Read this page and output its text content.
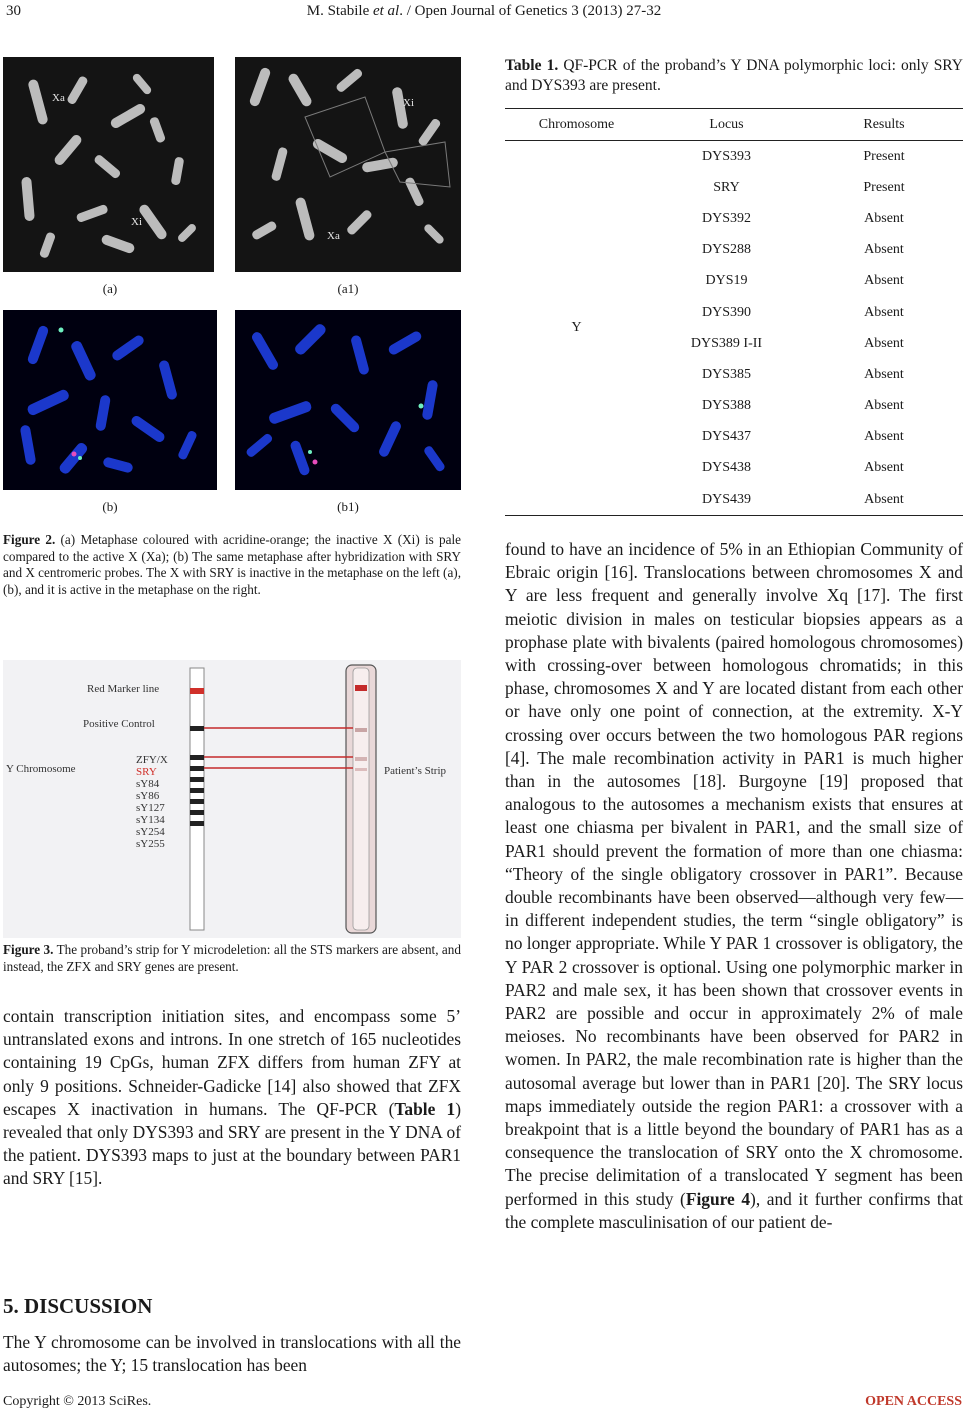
30	M. Stabile et al. / Open Journal of Genetics 3 (2013) 27-32
Xa
Xi
Xi
Xa
(a)	(a1)
(b)	(b1)
Figure 2. (a) Metaphase coloured with acridine-orange; the inactive X (Xi) is pale compared to the active X (Xa); (b) The same metaphase after hybridization with SRY and X centromeric probes. The X with SRY is inactive in the metaphase on the left (a), (b), and it is active in the metaphase on the right.
Red Marker line
Positive Control
Y Chromosome	Patient’s Strip
ZFY/X
SRY
sY84
sY86
sY127
sY134
sY254
sY255
Figure 3. The proband’s strip for Y microdeletion: all the STS markers are absent, and instead, the ZFX and SRY genes are present.
contain transcription initiation sites, and encompass some 5’ untranslated exons and introns. In one stretch of 165 nucleotides containing 19 CpGs, human ZFX differs from human ZFY at only 9 positions. Schneider-Gadicke [14] also showed that ZFX escapes X inactivation in humans. The QF-PCR (Table 1) revealed that only DYS393 and SRY are present in the Y DNA of the patient. DYS393 maps to just at the boundary between PAR1 and SRY [15].
5. DISCUSSION
The Y chromosome can be involved in translocations with all the autosomes; the Y; 15 translocation has been
Table 1. QF-PCR of the proband’s Y DNA polymorphic loci: only SRY and DYS393 are present.
Chromosome	Locus	Results
Y	DYS393	Present
	SRY	Present
	DYS392	Absent
	DYS288	Absent
	DYS19	Absent
	DYS390	Absent
	DYS389 I-II	Absent
	DYS385	Absent
	DYS388	Absent
	DYS437	Absent
	DYS438	Absent
	DYS439	Absent
found to have an incidence of 5% in an Ethiopian Community of Ebraic origin [16]. Translocations between chromosomes X and Y are less frequent and generally involve Xq [17]. The first meiotic division in males on testicular biopsies appears as a prophase plate with bivalents (paired homologous chromosomes) with crossing-over between homologous chromatids; in this phase, chromosomes X and Y are located distant from each other or have only one point of connection, at the extremity. X-Y crossing over occurs between the two homologous PAR regions [4]. The male recombination activity in PAR1 is much higher than in the autosomes [18]. Burgoyne [19] proposed that analogous to the autosomes a mechanism exists that ensures at least one chiasma per bivalent in PAR1, and the small size of PAR1 should prevent the formation of more than one chiasma: “Theory of the single obligatory crossover in PAR1”. Because double recombinants have been observed—although very few—in different independent studies, the term “single obligatory” is no longer appropriate. While Y PAR 1 crossover is obligatory, the Y PAR 2 crossover is optional. Using one polymorphic marker in PAR2 and male sex, it has been shown that crossover events in PAR2 are possible and occur in approximately 2% of male meioses. No recombinants have been observed for PAR2 in women. In PAR2, the male recombination rate is higher than the autosomal average but lower than in PAR1 [20]. The SRY locus maps immediately outside the region PAR1: a crossover with a breakpoint that is a little beyond the boundary of PAR1 has as a consequence the translocation of SRY onto the X chromosome. The precise delimitation of a translocated Y segment has been performed in this study (Figure 4), and it further confirms that the complete masculinisation of our patient de-
Copyright © 2013 SciRes.	OPEN ACCESS
